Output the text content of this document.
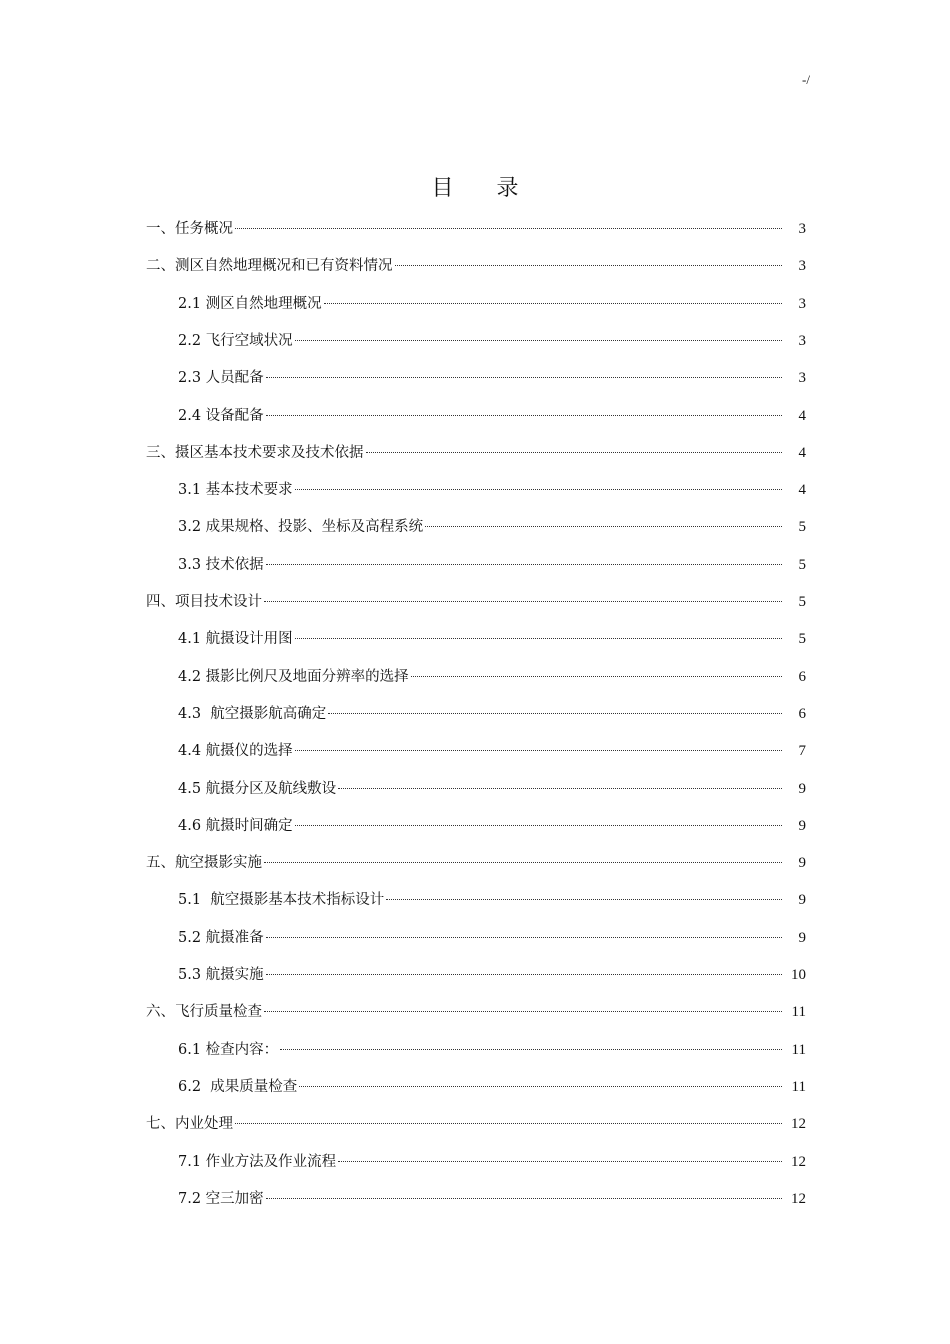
-/
目 录
一、任务概况	3
二、测区自然地理概况和已有资料情况	3
2.1 测区自然地理概况	3
2.2 飞行空域状况	3
2.3 人员配备	3
2.4 设备配备	4
三、摄区基本技术要求及技术依据	4
3.1 基本技术要求	4
3.2 成果规格、投影、坐标及高程系统	5
3.3 技术依据	5
四、项目技术设计	5
4.1 航摄设计用图	5
4.2 摄影比例尺及地面分辨率的选择	6
4.3  航空摄影航高确定	6
4.4 航摄仪的选择	7
4.5 航摄分区及航线敷设	9
4.6 航摄时间确定	9
五、航空摄影实施	9
5.1  航空摄影基本技术指标设计	9
5.2 航摄准备	9
5.3 航摄实施	10
六、飞行质量检查	11
6.1 检查内容：	11
6.2  成果质量检查	11
七、内业处理	12
7.1 作业方法及作业流程	12
7.2 空三加密	12
